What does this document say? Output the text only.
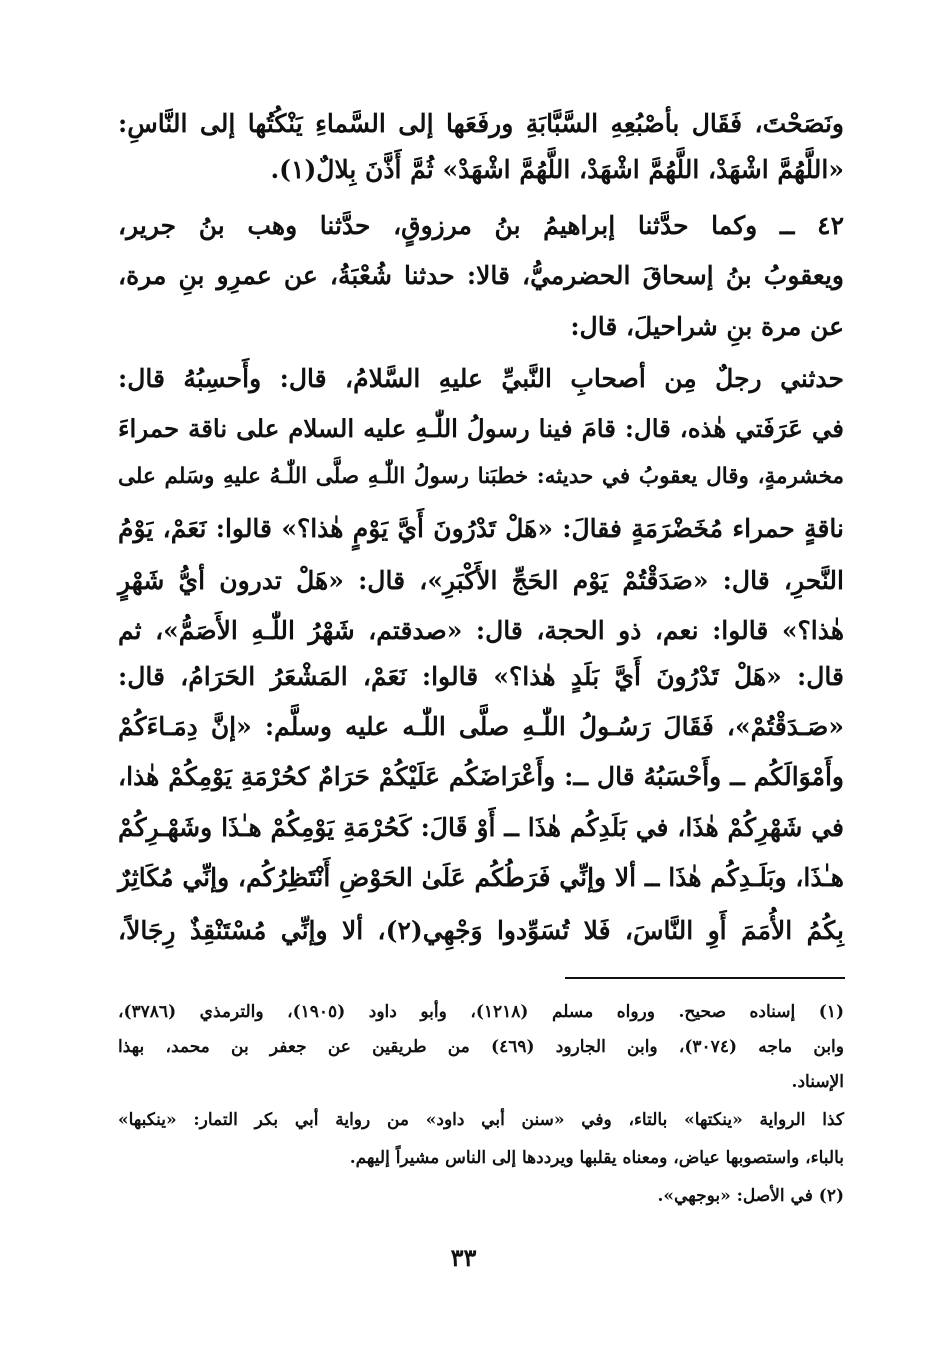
ونَصَحْتَ، فَقَال بأصْبُعِهِ السَّبَّابَةِ ورفَعَها إلى السَّماءِ يَنْكُتُها إلى النَّاسِ:
«اللَّهُمَّ اشْهَدْ، اللَّهُمَّ اشْهَدْ، اللَّهُمَّ اشْهَدْ» ثُمَّ أَذَّنَ بِلالٌ(١).
٤٢ ــ وكما حدَّثنا إبراهيمُ بنُ مرزوقٍ، حدَّثنا وهب بنُ جرير،
ويعقوبُ بنُ إسحاقَ الحضرميُّ، قالا: حدثنا شُعْبَةُ، عن عمرِو بنِ مرة،
عن مرة بنِ شراحيلَ، قال:
حدثني رجلٌ مِن أصحابِ النَّبيِّ عليهِ السَّلامُ، قال: وأَحسِبُهُ قال:
في عَرَفَتي هٰذه، قال: قامَ فينا رسولُ اللّٰـهِ عليه السلام على ناقة حمراءَ
مخشرمةٍ، وقال يعقوبُ في حديثه: خطبَنا رسولُ اللّٰـهِ صلَّى اللّٰـهُ عليهِ وسَلم على
ناقةٍ حمراء مُخَضْرَمَةٍ فقالَ: «هَلْ تَدْرُونَ أَيَّ يَوْمٍ هٰذا؟» قالوا: نَعَمْ، يَوْمُ
النَّحرِ، قال: «صَدَقْتُمْ يَوْم الحَجِّ الأَكْبَرِ»، قال: «هَلْ تدرون أيُّ شَهْرٍ
هٰذا؟» قالوا: نعم، ذو الحجة، قال: «صدقتم، شَهْرُ اللّٰـهِ الأَصَمُّ»، ثم
قال: «هَلْ تَدْرُونَ أَيَّ بَلَدٍ هٰذا؟» قالوا: نَعَمْ، المَشْعَرُ الحَرَامُ، قال:
«صَـدَقْتُمْ»، فَقَالَ رَسُـولُ اللّٰـهِ صلَّى اللّٰـه عليه وسلَّم: «إنَّ دِمَـاءَكُمْ
وأَمْوَالَكُم ــ وأَحْسَبُهُ قال ــ: وأَعْرَاضَكُم عَلَيْكُمْ حَرَامٌ كحُرْمَةِ يَوْمِكُمْ هٰذا،
في شَهْرِكُمْ هٰذَا، في بَلَدِكُم هٰذَا ــ أَوْ قَالَ: كَحُرْمَةِ يَوْمِكُمْ هـٰذَا وشَهْـرِكُمْ
هـٰذَا، وبَلَـدِكُم هٰذَا ــ ألا وإنِّي فَرَطُكُم عَلَىٰ الحَوْضِ أَنْتَظِرُكُم، وإنِّي مُكَاثِرٌ
بِكُمُ الأُمَمَ أَوِ النَّاسَ، فَلا تُسَوِّدوا وَجْهِي(٢)، ألا وإنِّي مُسْتَنْقِذٌ رِجَالاً،
(١) إسناده صحيح. ورواه مسلم (١٢١٨)، وأبو داود (١٩٠٥)، والترمذي (٣٧٨٦)،
وابن ماجه (٣٠٧٤)، وابن الجارود (٤٦٩) من طريقين عن جعفر بن محمد، بهذا
الإسناد.
كذا الرواية «ينكتها» بالتاء، وفي «سنن أبي داود» من رواية أبي بكر التمار: «ينكبها»
بالباء، واستصوبها عياض، ومعناه يقلبها ويرددها إلى الناس مشيراً إليهم.
(٢) في الأصل: «بوجهي».
٣٣
